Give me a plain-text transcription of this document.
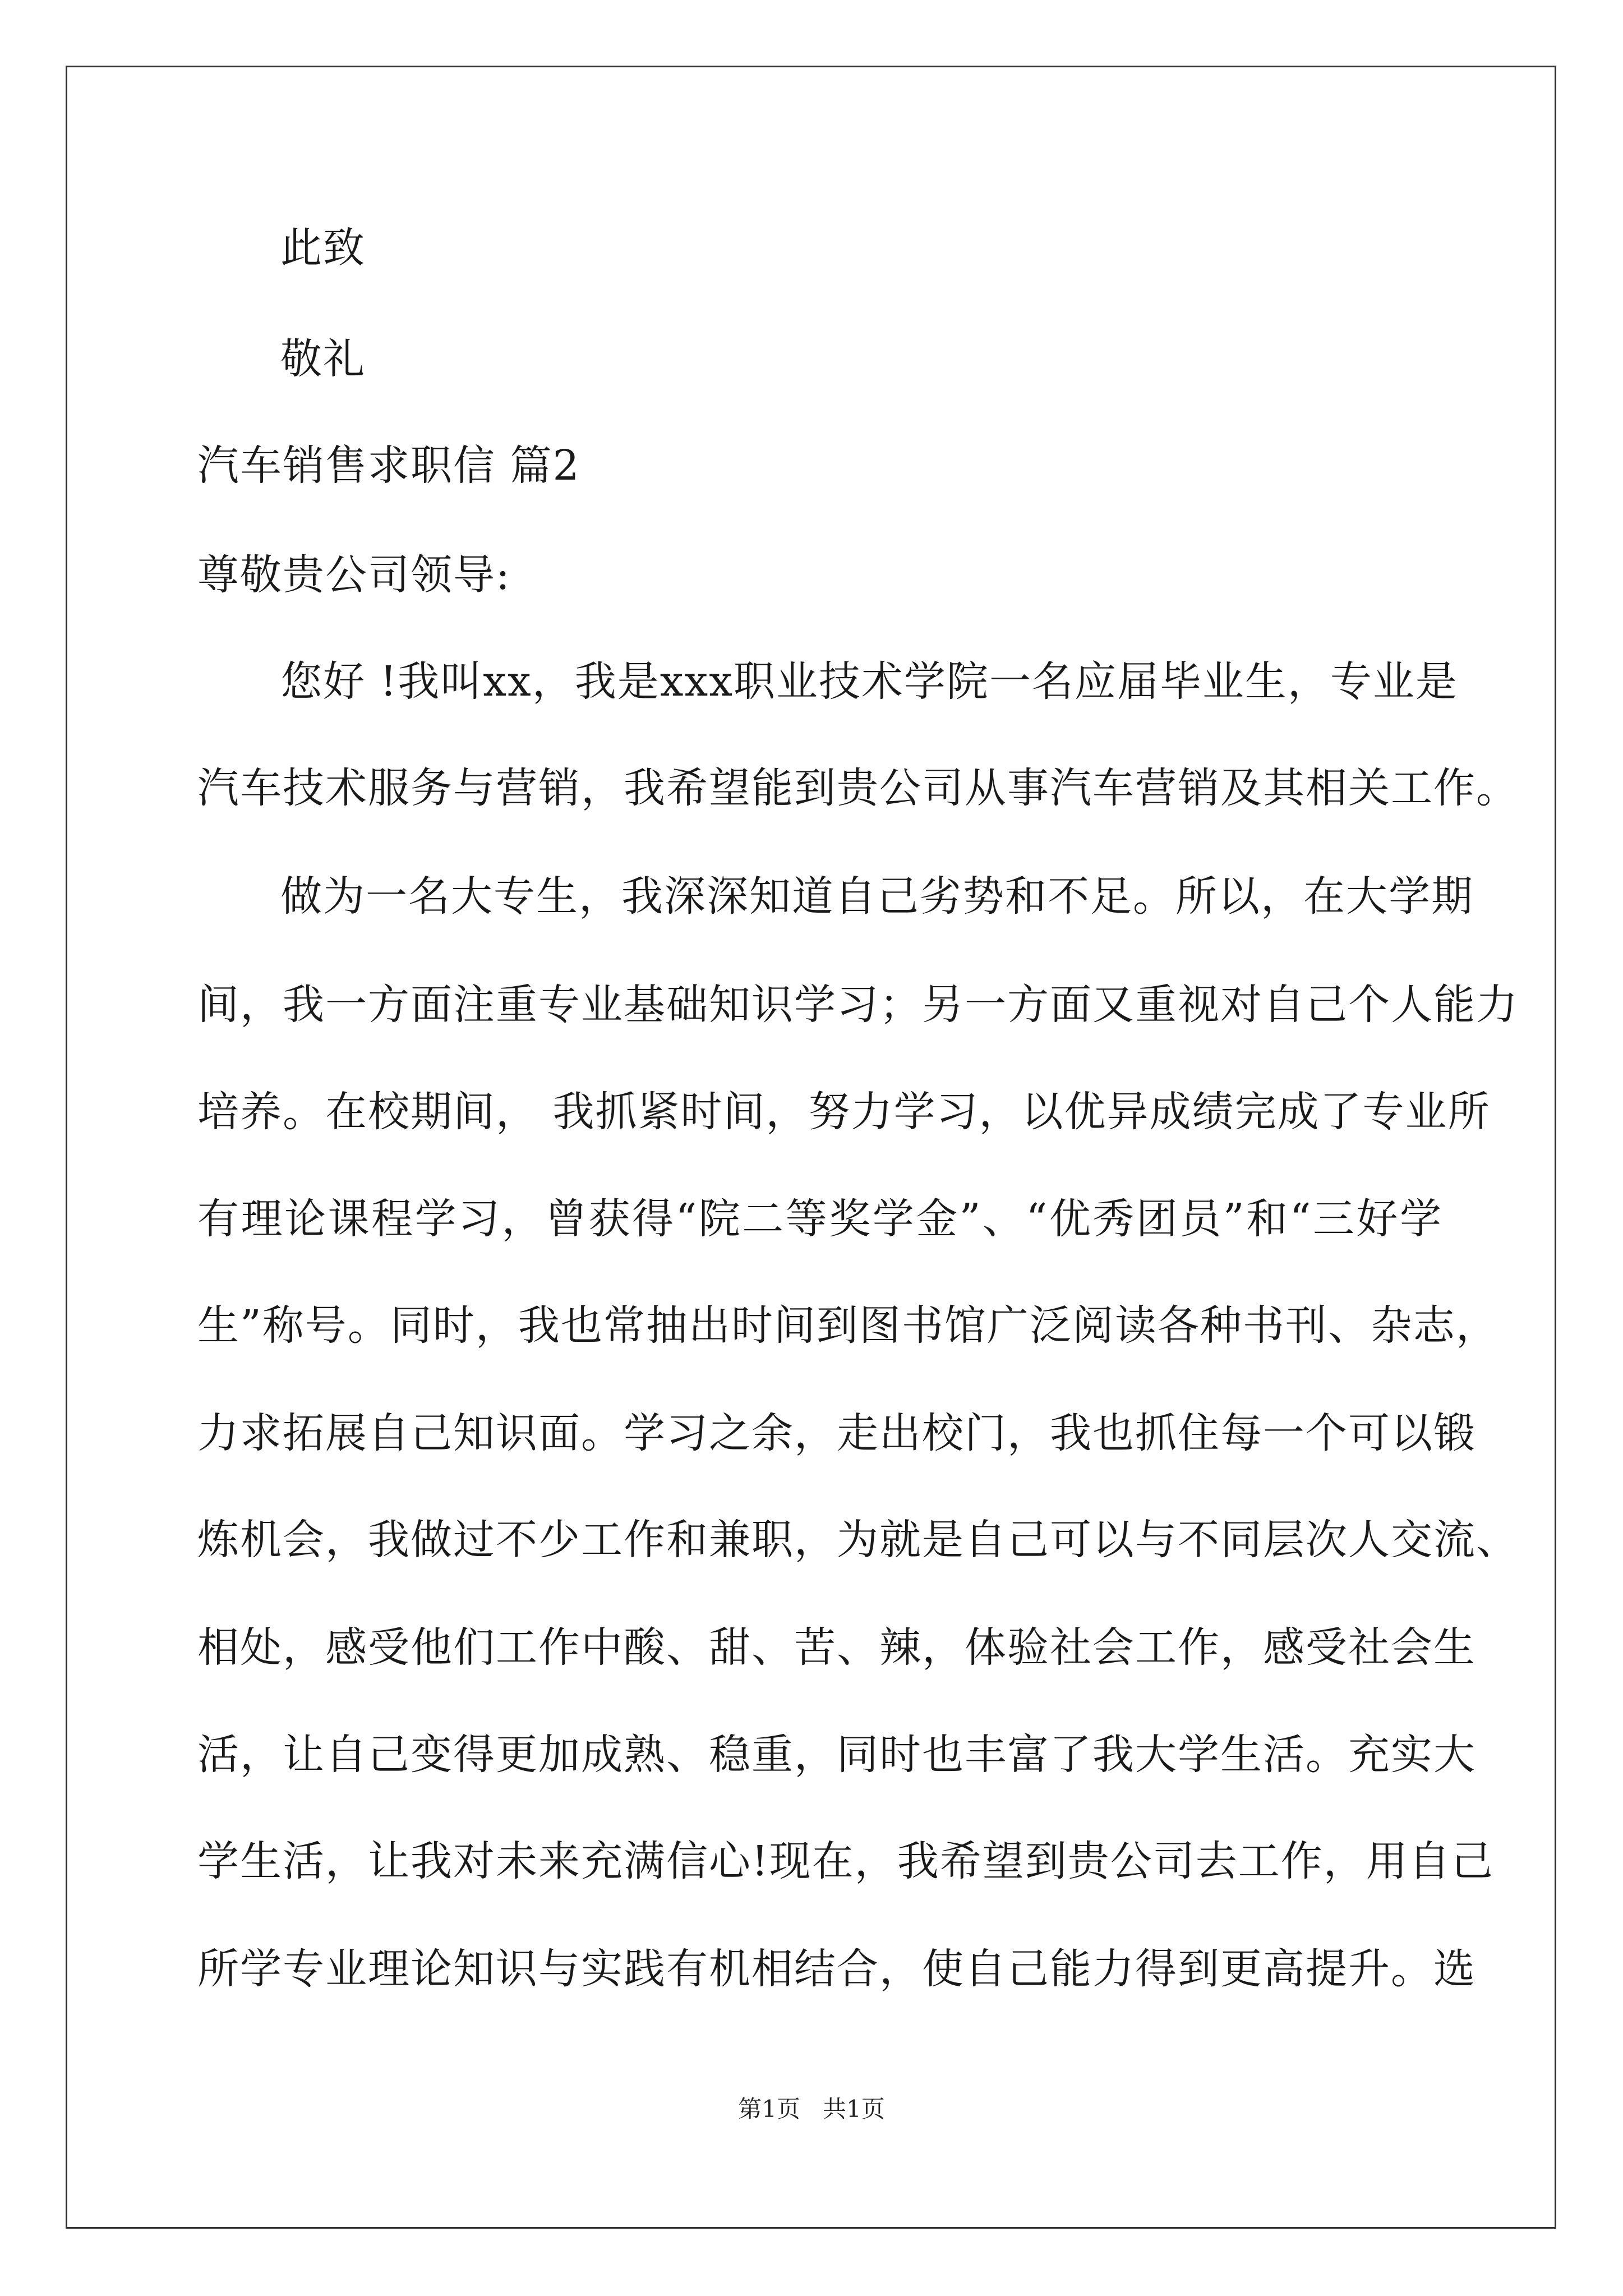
此致
敬礼
汽车销售求职信 篇2
尊敬贵公司领导:
您好 !我叫xx，我是xxx职业技术学院一名应届毕业生，专业是
汽车技术服务与营销，我希望能到贵公司从事汽车营销及其相关工作。
做为一名大专生，我深深知道自己劣势和不足。所以，在大学期
间，我一方面注重专业基础知识学习；另一方面又重视对自己个人能力
培养。在校期间， 我抓紧时间，努力学习，以优异成绩完成了专业所
有理论课程学习，曾获得“院二等奖学金”、“优秀团员”和“三好学
生”称号。同时，我也常抽出时间到图书馆广泛阅读各种书刊、杂志，
力求拓展自己知识面。学习之余，走出校门，我也抓住每一个可以锻
炼机会，我做过不少工作和兼职，为就是自己可以与不同层次人交流、
相处，感受他们工作中酸、甜、苦、辣，体验社会工作，感受社会生
活，让自己变得更加成熟、稳重，同时也丰富了我大学生活。充实大
学生活，让我对未来充满信心!现在，我希望到贵公司去工作，用自己
所学专业理论知识与实践有机相结合，使自己能力得到更高提升。选
第1页   共1页
